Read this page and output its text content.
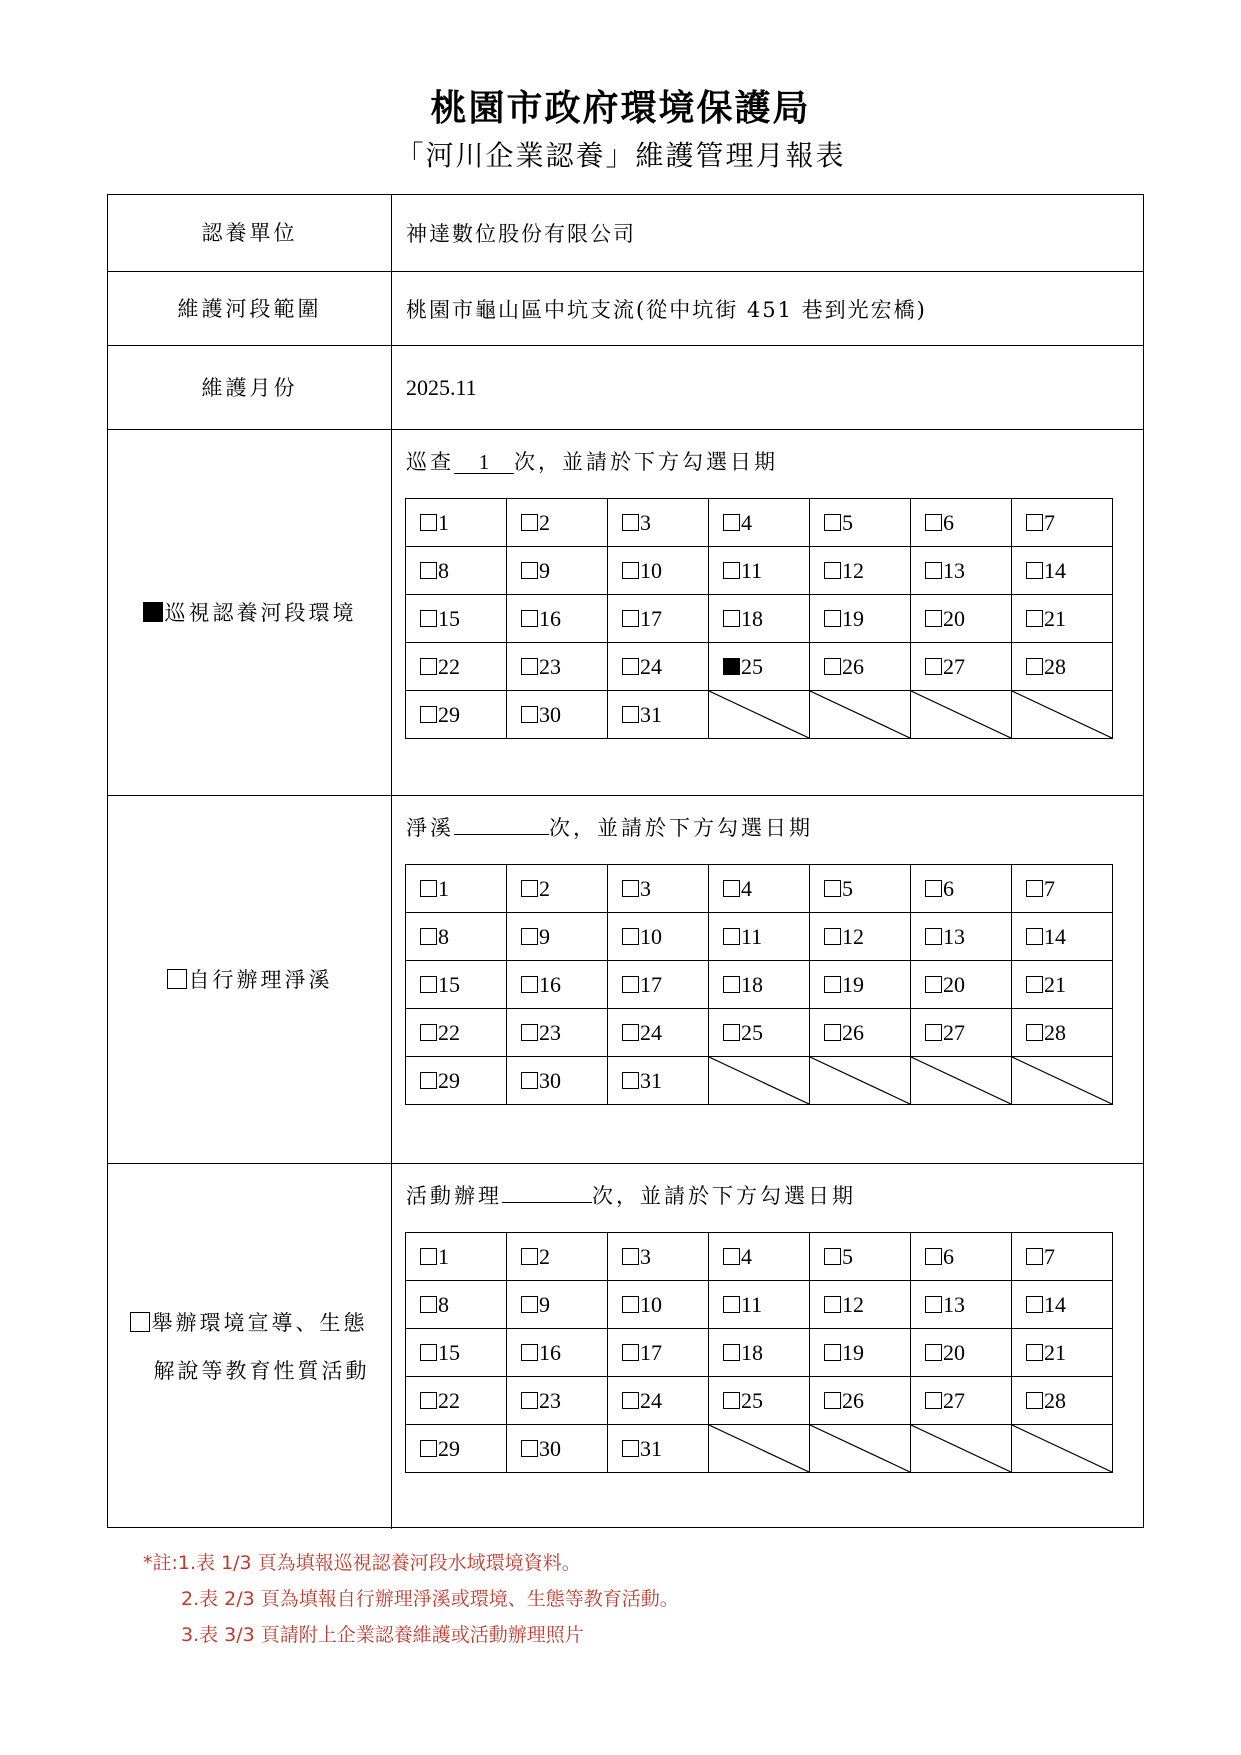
桃園市政府環境保護局
「河川企業認養」維護管理月報表
認養單位	神達數位股份有限公司
維護河段範圍	桃園市龜山區中坑支流(從中坑街 451 巷到光宏橋)
維護月份	2025.11
巡視認養河段環境
巡查 1 次，並請於下方勾選日期
1	2	3	4	5	6	7
8	9	10	11	12	13	14
15	16	17	18	19	20	21
22	23	24	25	26	27	28
29	30	31	

自行辦理淨溪
淨溪	次，並請於下方勾選日期
1	2	3	4	5	6	7
8	9	10	11	12	13	14
15	16	17	18	19	20	21
22	23	24	25	26	27	28
29	30	31	

舉辦環境宣導、生態
解說等教育性質活動
活動辦理	次，並請於下方勾選日期
1	2	3	4	5	6	7
8	9	10	11	12	13	14
15	16	17	18	19	20	21
22	23	24	25	26	27	28
29	30	31	

*註:1.表 1/3 頁為填報巡視認養河段水域環境資料。
2.表 2/3 頁為填報自行辦理淨溪或環境、生態等教育活動。
3.表 3/3 頁請附上企業認養維護或活動辦理照片
